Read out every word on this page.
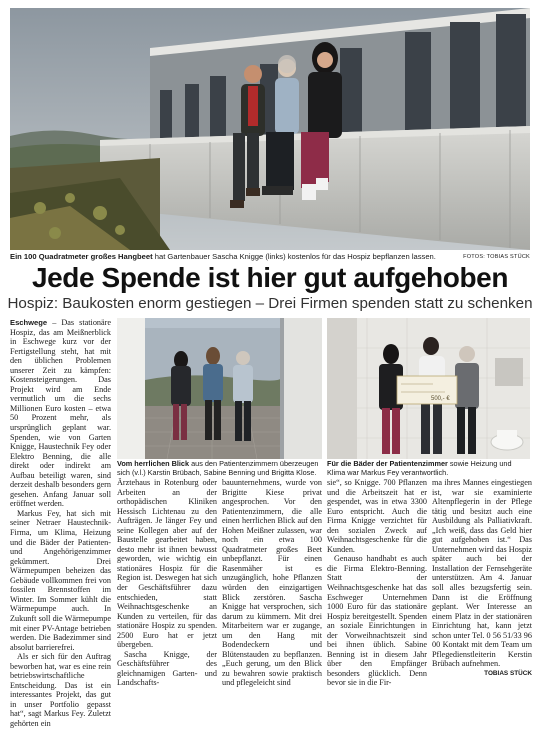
Ein 100 Quadratmeter großes Hangbeet hat Gartenbauer Sascha Knigge (links) kostenlos für das Hospiz bepflanzen lassen.	FOTOS: TOBIAS STÜCK
Jede Spende ist hier gut aufgehoben
Hospiz: Baukosten enorm gestiegen – Drei Firmen spenden statt zu schenken

Eschwege – Das stationäre Hospiz, das am Meißnerblick in Eschwege kurz vor der Fertigstellung steht, hat mit den üblichen Problemen unserer Zeit zu kämpfen: Kostensteigerungen. Das Projekt wird am Ende vermutlich um die sechs Millionen Euro kosten – etwa 50 Prozent mehr, als ursprünglich geplant war. Spenden, wie von Garten Knigge, Haustechnik Fey oder Elektro Benning, die alle direkt oder indirekt am Aufbau beteiligt waren, sind derzeit deshalb besonders gern gesehen. Anfang Januar soll eröffnet werden.

Markus Fey, hat sich mit seiner Netraer Haustechnik-Firma, um Klima, Heizung und die Bäder der Patienten- und Angehörigenzimmer gekümmert. Drei Wärmepumpen beheizen das Gebäude vollkommen frei von fossilen Brennstoffen im Winter. Im Sommer kühlt die Wärmepumpe auch. In Zukunft soll die Wärmepumpe mit einer PV-Antage betrieben werden. Die Badezimmer sind absolut barrierefrei.

Als er sich für den Auftrag beworben hat, war es eine rein betriebswirtschaftliche Entscheidung. Das ist ein interessantes Projekt, das gut in unser Portfolio gepasst hat“, sagt Markus Fey. Zuletzt gehörten ein

Vom herrlichen Blick aus den Patientenzimmern überzeugen sich (v.l.) Karstin Brübach, Sabine Benning und Brigitta Klose.
500,- €
Für die Bäder der Patientenzimmer sowie Heizung und Klima war Markus Fey verantwortlich.

Ärztehaus in Rotenburg oder Arbeiten an der orthopädischen Kliniken Hessisch Lichtenau zu den Aufträgen. Je länger Fey und seine Kollegen aber auf der Baustelle gearbeitet haben, desto mehr ist ihnen bewusst geworden, wie wichtig ein stationäres Hospiz für die Region ist. Deswegen hat sich der Geschäftsführer dazu entschieden, statt Weihnachtsgeschenke an Kunden zu verteilen, für das stationäre Hospiz zu spenden. 2500 Euro hat er jetzt übergeben.

Sascha Knigge, der Geschäftsführer des gleichnamigen Garten- und Landschafts-

bauunternehmens, wurde von Brigitte Kiese privat angesprochen. Vor den Patientenzimmern, die alle einen herrlichen Blick auf den Hohen Meißner zulassen, war noch ein etwa 100 Quadratmeter großes Beet unbepflanzt. Für einen Rasenmäher ist es unzugänglich, hohe Pflanzen würden den einzigartigen Blick zerstören. Sascha Knigge hat versprochen, sich darum zu kümmern. Mit drei Mitarbeitern war er zugange, um den Hang mit Bodendeckern und Blütenstauden zu bepflanzen. „Euch gerung, um den Blick zu bewahren sowie praktisch und pflegeleicht sind

sie“, so Knigge. 700 Pflanzen und die Arbeitszeit hat er gespendet, was in etwa 3300 Euro entspricht. Auch die Firma Knigge verzichtet für den sozialen Zweck auf Weihnachtsgeschenke für die Kunden.

Genauso handhabt es auch die Firma Elektro-Benning. Statt der Weihnachtsgeschenke hat das Eschweger Unternehmen 1000 Euro für das stationäre Hospiz bereitgestellt. Spenden an soziale Einrichtungen in der Vorweihnachtszeit sind bei ihnen üblich. Sabine Benning ist in diesem Jahr über den Empfänger besonders glücklich. Denn bevor sie in die Fir-

ma ihres Mannes eingestiegen ist, war sie examinierte Altenpflegerin in der Pflege tätig und besitzt auch eine Ausbildung als Palliativkraft. „Ich weiß, dass das Geld hier gut aufgehoben ist.“ Das Unternehmen wird das Hospiz später auch bei der Installation der Fernsehgeräte unterstützen. Am 4. Januar soll alles bezugsfertig sein. Dann ist die Eröffnung geplant. Wer Interesse an einem Platz in der stationären Einrichtung hat, kann jetzt schon unter Tel. 0 56 51/33 96 00 Kontakt mit dem Team um Pflegedienstleiterin Kerstin Brübach aufnehmen.

TOBIAS STÜCK
